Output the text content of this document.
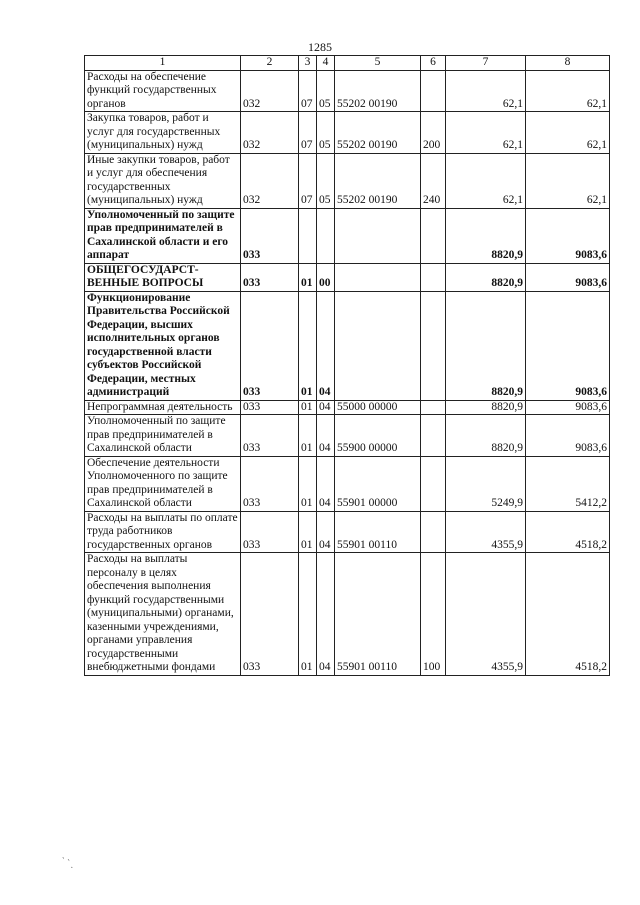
1285
1	2	3	4	5	6	7	8
Расходы на обеспечение функций государственных органов	032	07	05	55202 00190		62,1	62,1
Закупка товаров, работ и услуг для государственных (муниципальных) нужд	032	07	05	55202 00190	200	62,1	62,1
Иные закупки товаров, работ и услуг для обеспечения государственных (муниципальных) нужд	032	07	05	55202 00190	240	62,1	62,1
Уполномоченный по защите прав предпринимателей в Сахалинской области и его аппарат	033					8820,9	9083,6
ОБЩЕГОСУДАРСТ-ВЕННЫЕ ВОПРОСЫ	033	01	00			8820,9	9083,6
Функционирование Правительства Российской Федерации, высших исполнительных органов государственной власти субъектов Российской Федерации, местных администраций	033	01	04			8820,9	9083,6
Непрограммная деятельность	033	01	04	55000 00000		8820,9	9083,6
Уполномоченный по защите прав предпринимателей в Сахалинской области	033	01	04	55900 00000		8820,9	9083,6
Обеспечение деятельности Уполномоченного по защите прав предпринимателей в Сахалинской области	033	01	04	55901 00000		5249,9	5412,2
Расходы на выплаты по оплате труда работников государственных органов	033	01	04	55901 00110		4355,9	4518,2
Расходы на выплаты персоналу в целях обеспечения выполнения функций государственными (муниципальными) органами, казенными учреждениями, органами управления государственными внебюджетными фондами	033	01	04	55901 00110	100	4355,9	4518,2
` ` .
